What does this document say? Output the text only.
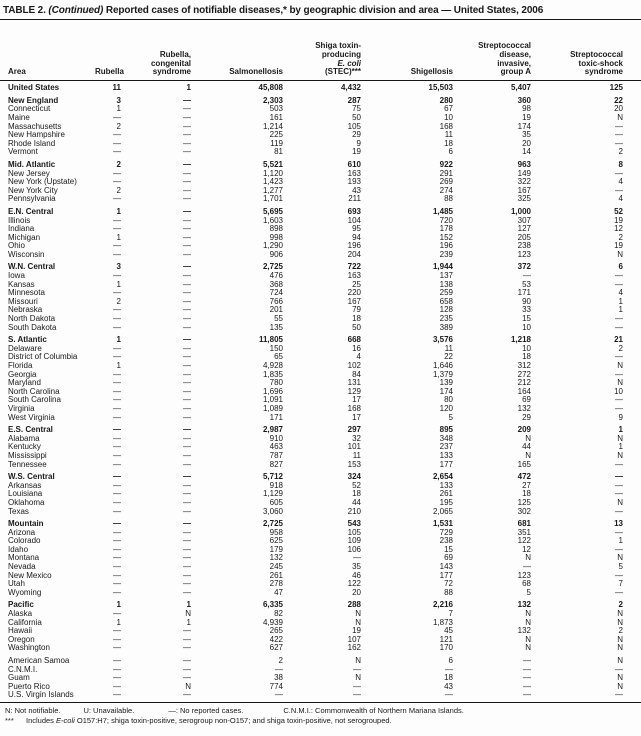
TABLE 2. (Continued) Reported cases of notifiable diseases,* by geographic division and area — United States, 2006
Area	Rubella	Rubella,
congenital
syndrome	Salmonellosis	Shiga toxin-
producing
E. coli
(STEC)***	Shigellosis	Streptococcal
disease,
invasive,
group A	Streptococcal
toxic-shock
syndrome
United States	11	1	45,808	4,432	15,503	5,407	125

New England	3	—	2,303	287	280	360	22
Connecticut	1	—	503	75	67	98	20
Maine	—	—	161	50	10	19	N
Massachusetts	2	—	1,214	105	168	174	—
New Hampshire	—	—	225	29	11	35	—
Rhode Island	—	—	119	9	18	20	—
Vermont	—	—	81	19	6	14	2

Mid. Atlantic	2	—	5,521	610	922	963	8
New Jersey	—	—	1,120	163	291	149	—
New York (Upstate)	—	—	1,423	193	269	322	4
New York City	2	—	1,277	43	274	167	—
Pennsylvania	—	—	1,701	211	88	325	4

E.N. Central	1	—	5,695	693	1,485	1,000	52
Illinois	—	—	1,603	104	720	307	19
Indiana	—	—	898	95	178	127	12
Michigan	1	—	998	94	152	205	2
Ohio	—	—	1,290	196	196	238	19
Wisconsin	—	—	906	204	239	123	N

W.N. Central	3	—	2,725	722	1,944	372	6
Iowa	—	—	476	163	137	—	—
Kansas	1	—	368	25	138	53	—
Minnesota	—	—	724	220	259	171	4
Missouri	2	—	766	167	658	90	1
Nebraska	—	—	201	79	128	33	1
North Dakota	—	—	55	18	235	15	—
South Dakota	—	—	135	50	389	10	—

S. Atlantic	1	—	11,805	668	3,576	1,218	21
Delaware	—	—	150	16	11	10	2
District of Columbia	—	—	65	4	22	18	—
Florida	1	—	4,928	102	1,646	312	N
Georgia	—	—	1,835	84	1,379	272	—
Maryland	—	—	780	131	139	212	N
North Carolina	—	—	1,696	129	174	164	10
South Carolina	—	—	1,091	17	80	69	—
Virginia	—	—	1,089	168	120	132	—
West Virginia	—	—	171	17	5	29	9

E.S. Central	—	—	2,987	297	895	209	1
Alabama	—	—	910	32	348	N	N
Kentucky	—	—	463	101	237	44	1
Mississippi	—	—	787	11	133	N	N
Tennessee	—	—	827	153	177	165	—

W.S. Central	—	—	5,712	324	2,654	472	—
Arkansas	—	—	918	52	133	27	—
Louisiana	—	—	1,129	18	261	18	—
Oklahoma	—	—	605	44	195	125	N
Texas	—	—	3,060	210	2,065	302	—

Mountain	—	—	2,725	543	1,531	681	13
Arizona	—	—	958	105	729	351	—
Colorado	—	—	625	109	238	122	1
Idaho	—	—	179	106	15	12	—
Montana	—	—	132	—	69	N	N
Nevada	—	—	245	35	143	—	5
New Mexico	—	—	261	46	177	123	—
Utah	—	—	278	122	72	68	7
Wyoming	—	—	47	20	88	5	—

Pacific	1	1	6,335	288	2,216	132	2
Alaska	—	N	82	N	7	N	N
California	1	1	4,939	N	1,873	N	N
Hawaii	—	—	265	19	45	132	2
Oregon	—	—	422	107	121	N	N
Washington	—	—	627	162	170	N	N

American Samoa	—	—	2	N	6	—	N
C.N.M.I.	—	—	—	—	—	—	—
Guam	—	—	38	N	18	—	N
Puerto Rico	—	N	774	—	43	—	N
U.S. Virgin Islands	—	—	—	—	—	—	—
N: Not notifiable.	U: Unavailable.	—: No reported cases.	C.N.M.I.: Commonwealth of Northern Mariana Islands.
*** Includes E-coli O157:H7; shiga toxin-positive, serogroup non-O157; and shiga toxin-positive, not serogrouped.
